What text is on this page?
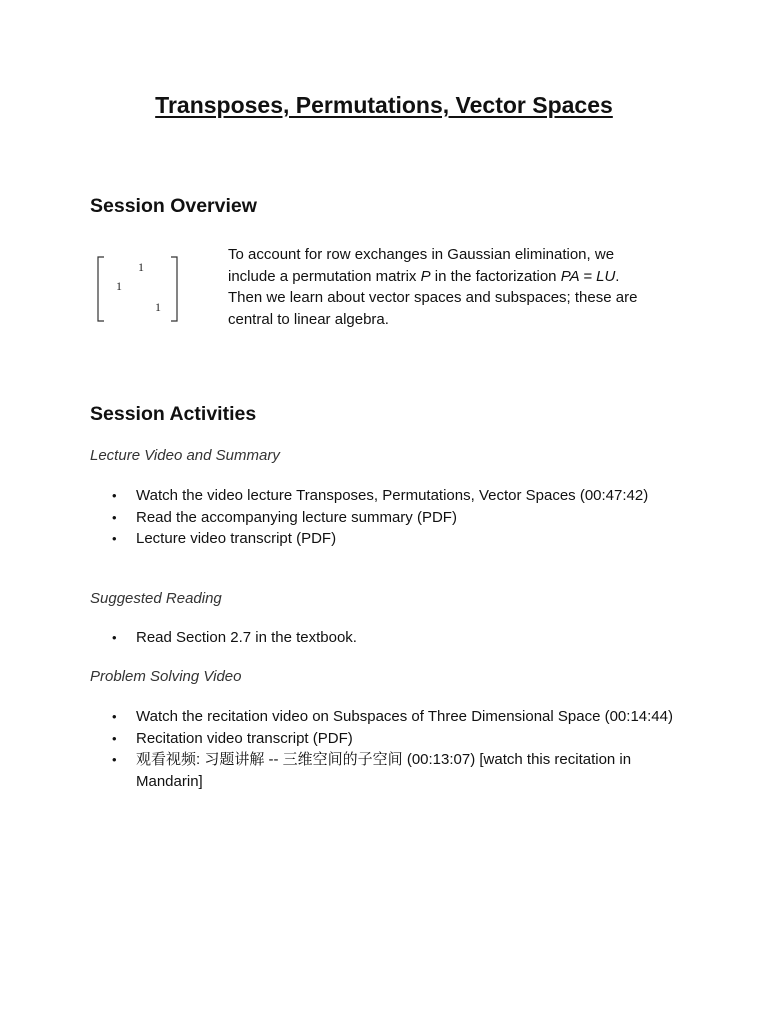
Transposes, Permutations, Vector Spaces
Session Overview
1
1
1

To account for row exchanges in Gaussian elimination, we

include a permutation matrix P in the factorization PA = LU.

Then we learn about vector spaces and subspaces; these are

central to linear algebra.

Session Activities
Lecture Video and Summary
• Watch the video lecture Transposes, Permutations, Vector Spaces (00:47:42)
• Read the accompanying lecture summary (PDF)
• Lecture video transcript (PDF)
Suggested Reading
• Read Section 2.7 in the textbook.
Problem Solving Video
• Watch the recitation video on Subspaces of Three Dimensional Space (00:14:44)
• Recitation video transcript (PDF)
• 观看视频: 习题讲解 -- 三维空间的子空间 (00:13:07) [watch this recitation in Mandarin]
